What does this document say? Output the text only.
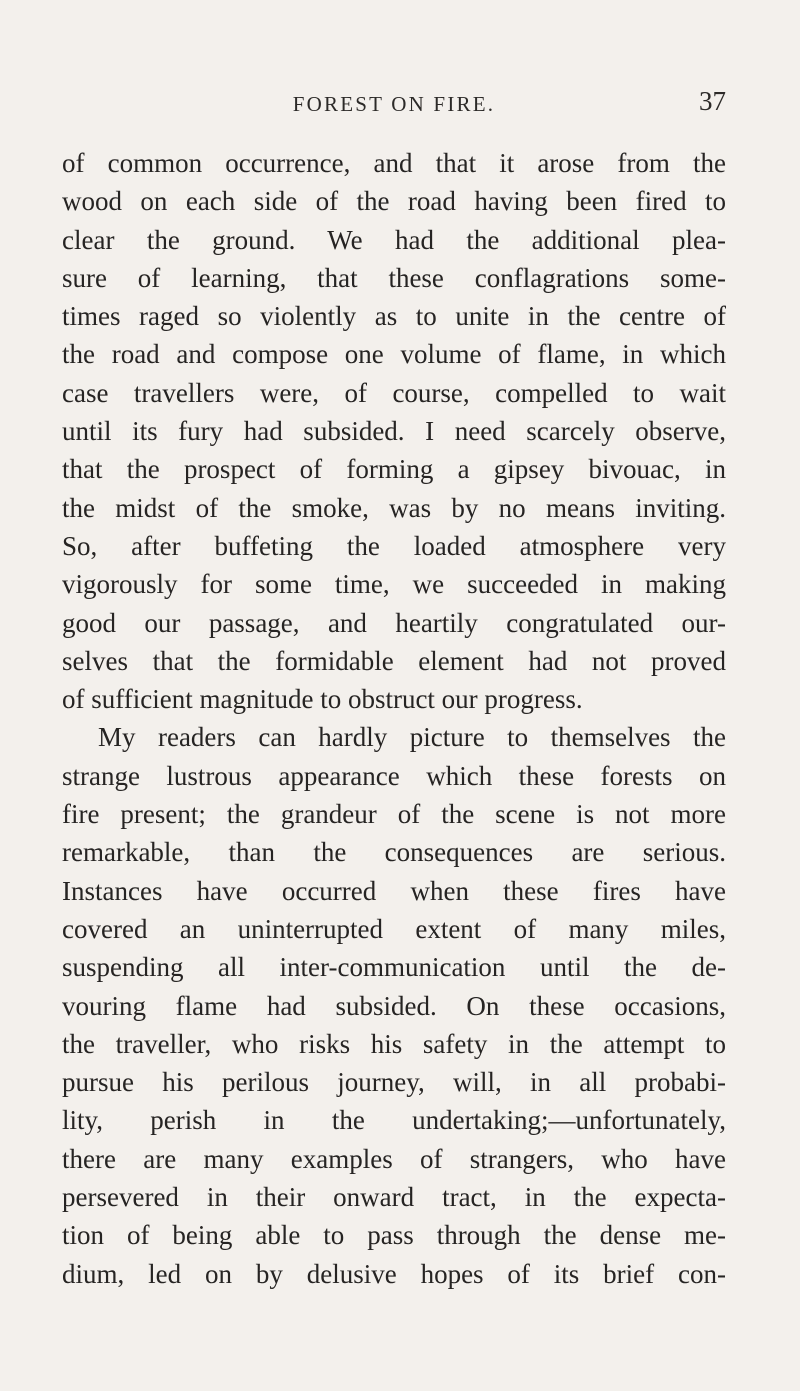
FOREST ON FIRE.	37
of common occurrence, and that it arose from the
wood on each side of the road having been fired to
clear the ground. We had the additional plea-
sure of learning, that these conflagrations some-
times raged so violently as to unite in the centre of
the road and compose one volume of flame, in which
case travellers were, of course, compelled to wait
until its fury had subsided. I need scarcely observe,
that the prospect of forming a gipsey bivouac, in
the midst of the smoke, was by no means inviting.
So, after buffeting the loaded atmosphere very
vigorously for some time, we succeeded in making
good our passage, and heartily congratulated our-
selves that the formidable element had not proved
of sufficient magnitude to obstruct our progress.
My readers can hardly picture to themselves the
strange lustrous appearance which these forests on
fire present; the grandeur of the scene is not more
remarkable, than the consequences are serious.
Instances have occurred when these fires have
covered an uninterrupted extent of many miles,
suspending all inter-communication until the de-
vouring flame had subsided. On these occasions,
the traveller, who risks his safety in the attempt to
pursue his perilous journey, will, in all probabi-
lity, perish in the undertaking;—unfortunately,
there are many examples of strangers, who have
persevered in their onward tract, in the expecta-
tion of being able to pass through the dense me-
dium, led on by delusive hopes of its brief con-
